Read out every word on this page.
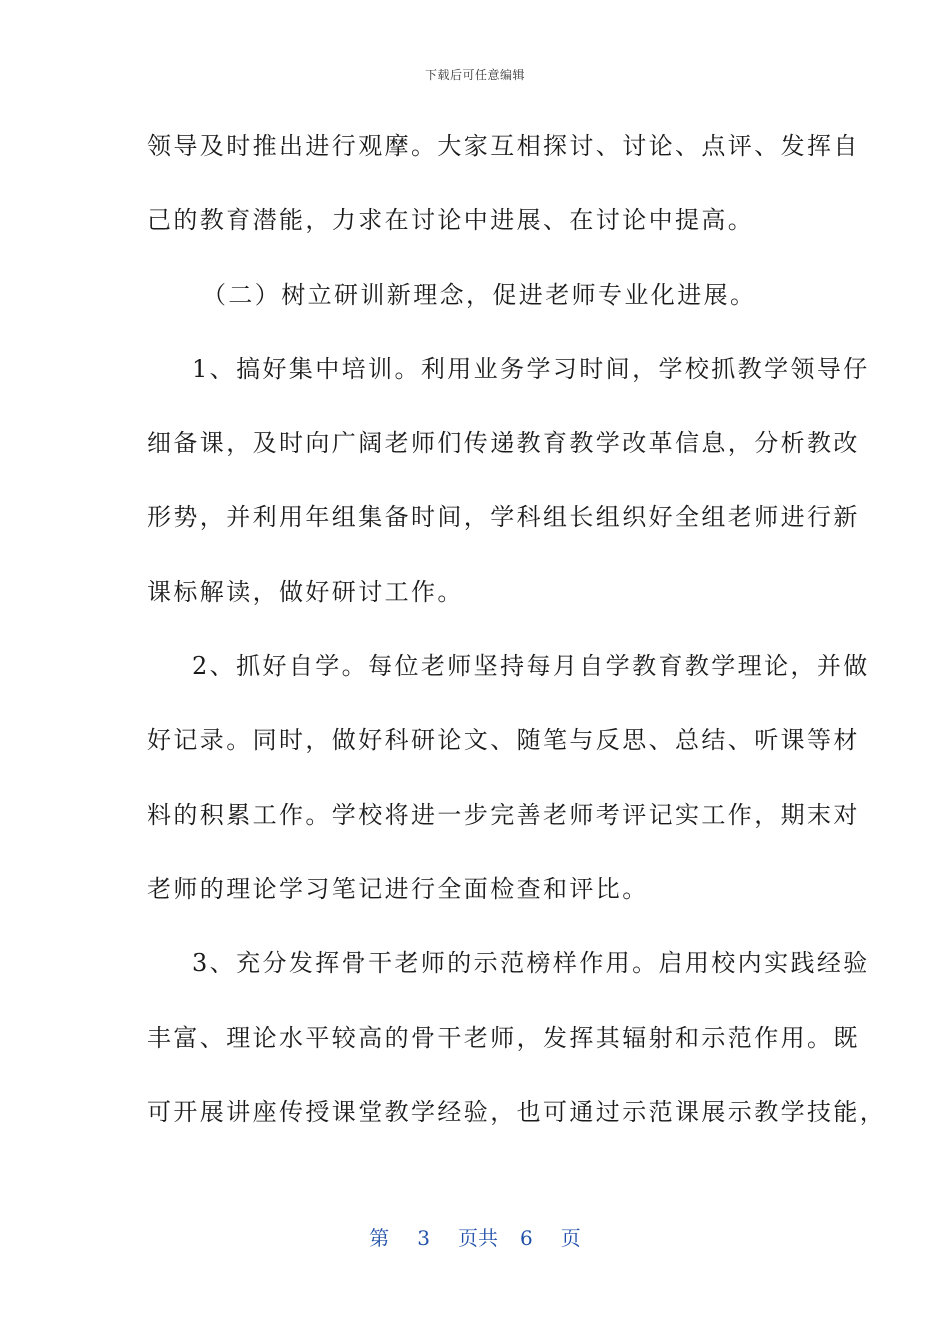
下载后可任意编辑
领导及时推出进行观摩。大家互相探讨、讨论、点评、发挥自
己的教育潜能，力求在讨论中进展、在讨论中提高。
（二）树立研训新理念，促进老师专业化进展。
1、搞好集中培训。利用业务学习时间，学校抓教学领导仔
细备课，及时向广阔老师们传递教育教学改革信息，分析教改
形势，并利用年组集备时间，学科组长组织好全组老师进行新
课标解读，做好研讨工作。
2、抓好自学。每位老师坚持每月自学教育教学理论，并做
好记录。同时，做好科研论文、随笔与反思、总结、听课等材
料的积累工作。学校将进一步完善老师考评记实工作，期末对
老师的理论学习笔记进行全面检查和评比。
3、充分发挥骨干老师的示范榜样作用。启用校内实践经验
丰富、理论水平较高的骨干老师，发挥其辐射和示范作用。既
可开展讲座传授课堂教学经验，也可通过示范课展示教学技能，
第 3 页共 6 页
